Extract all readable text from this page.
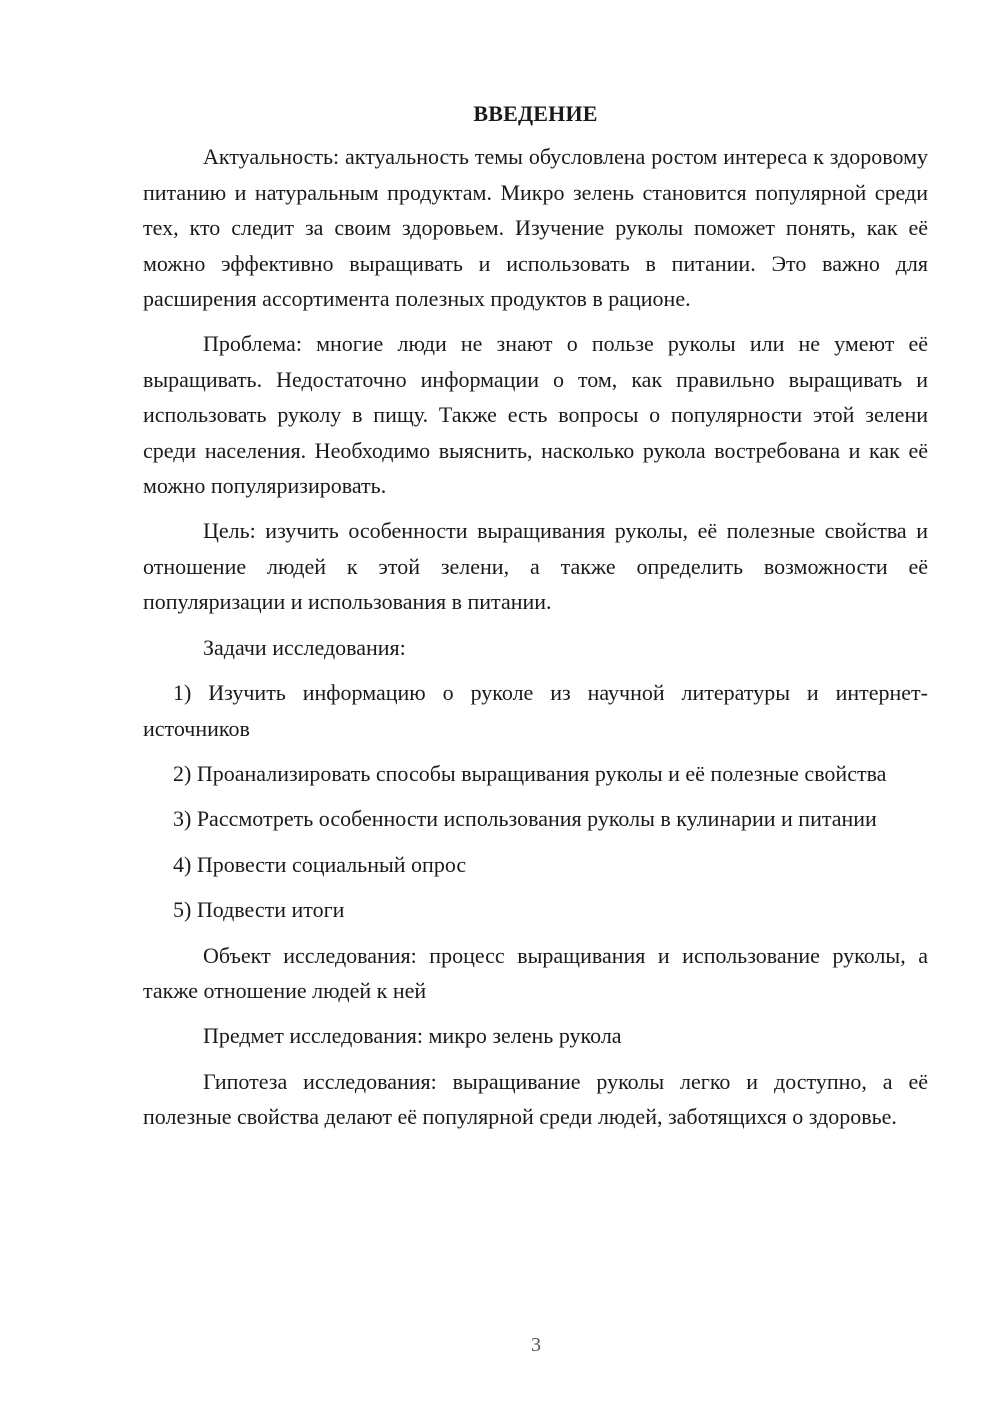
ВВЕДЕНИЕ

Актуальность: актуальность темы обусловлена ростом интереса к здоровому питанию и натуральным продуктам. Микро зелень становится популярной среди тех, кто следит за своим здоровьем. Изучение руколы поможет понять, как её можно эффективно выращивать и использовать в питании. Это важно для расширения ассортимента полезных продуктов в рационе.

Проблема: многие люди не знают о пользе руколы или не умеют её выращивать. Недостаточно информации о том, как правильно выращивать и использовать руколу в пищу. Также есть вопросы о популярности этой зелени среди населения. Необходимо выяснить, насколько рукола востребована и как её можно популяризировать.

Цель: изучить особенности выращивания руколы, её полезные свойства и отношение людей к этой зелени, а также определить возможности её популяризации и использования в питании.

Задачи исследования:

1) Изучить информацию о руколе из научной литературы и интернет-источников

2) Проанализировать способы выращивания руколы и её полезные свойства

3) Рассмотреть особенности использования руколы в кулинарии и питании

4) Провести социальный опрос

5) Подвести итоги

Объект исследования: процесс выращивания и использование руколы, а также отношение людей к ней

Предмет исследования: микро зелень рукола

Гипотеза исследования: выращивание руколы легко и доступно, а её полезные свойства делают её популярной среди людей, заботящихся о здоровье.

3
